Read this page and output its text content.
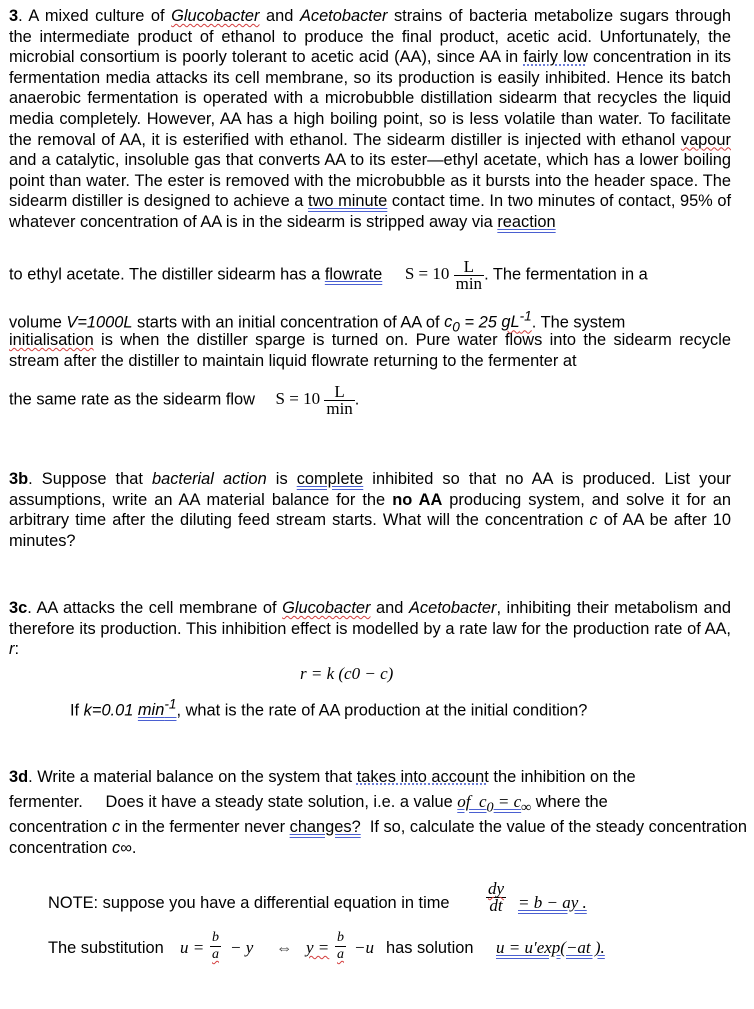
3. A mixed culture of Glucobacter and Acetobacter strains of bacteria metabolize sugars through the intermediate product of ethanol to produce the final product, acetic acid. Unfortunately, the microbial consortium is poorly tolerant to acetic acid (AA), since AA in fairly low concentration in its fermentation media attacks its cell membrane, so its production is easily inhibited. Hence its batch anaerobic fermentation is operated with a microbubble distillation sidearm that recycles the liquid media completely. However, AA has a high boiling point, so is less volatile than water. To facilitate the removal of AA, it is esterified with ethanol. The sidearm distiller is injected with ethanol vapour and a catalytic, insoluble gas that converts AA to its ester—ethyl acetate, which has a lower boiling point than water. The ester is removed with the microbubble as it bursts into the header space. The sidearm distiller is designed to achieve a two minute contact time. In two minutes of contact, 95% of whatever concentration of AA is in the sidearm is stripped away via reaction

to ethyl acetate. The distiller sidearm has a flowrate $S = 10 \frac{L}{\min}$ . The fermentation in a
volume V=1000L starts with an initial concentration of AA of $c_0 = 25$ $gL^{-1}$. The system

initialisation is when the distiller sparge is turned on. Pure water flows into the sidearm recycle stream after the distiller to maintain liquid flowrate returning to the fermenter at

the same rate as the sidearm flow $S = 10 \frac{L}{\min}$ .

3b. Suppose that bacterial action is complete inhibited so that no AA is produced. List your assumptions, write an AA material balance for the no AA producing system, and solve it for an arbitrary time after the diluting feed stream starts. What will the concentration c of AA be after 10 minutes?

3c. AA attacks the cell membrane of Glucobacter and Acetobacter, inhibiting their metabolism and therefore its production. This inhibition effect is modelled by a rate law for the production rate of AA, r:

r = k (c0 − c)
If k=0.01 $\min^{-1}$, what is the rate of AA production at the initial condition?
3d. Write a material balance on the system that takes into account the inhibition on the
fermenter.     Does it have a steady state solution, i.e. a value of  $c_0 = c_\infty$ where the
concentration c in the fermenter never changes?  If so, calculate the value of the steady concentration
concentration c∞.
NOTE: suppose you have a differential equation in time $\frac{dy}{dt} = b$ − ay .
The substitution $u = \frac{b}{a} - y$ ⇔ $y = \frac{b}{a} -u$ has solution u = u′exp(−at ).
